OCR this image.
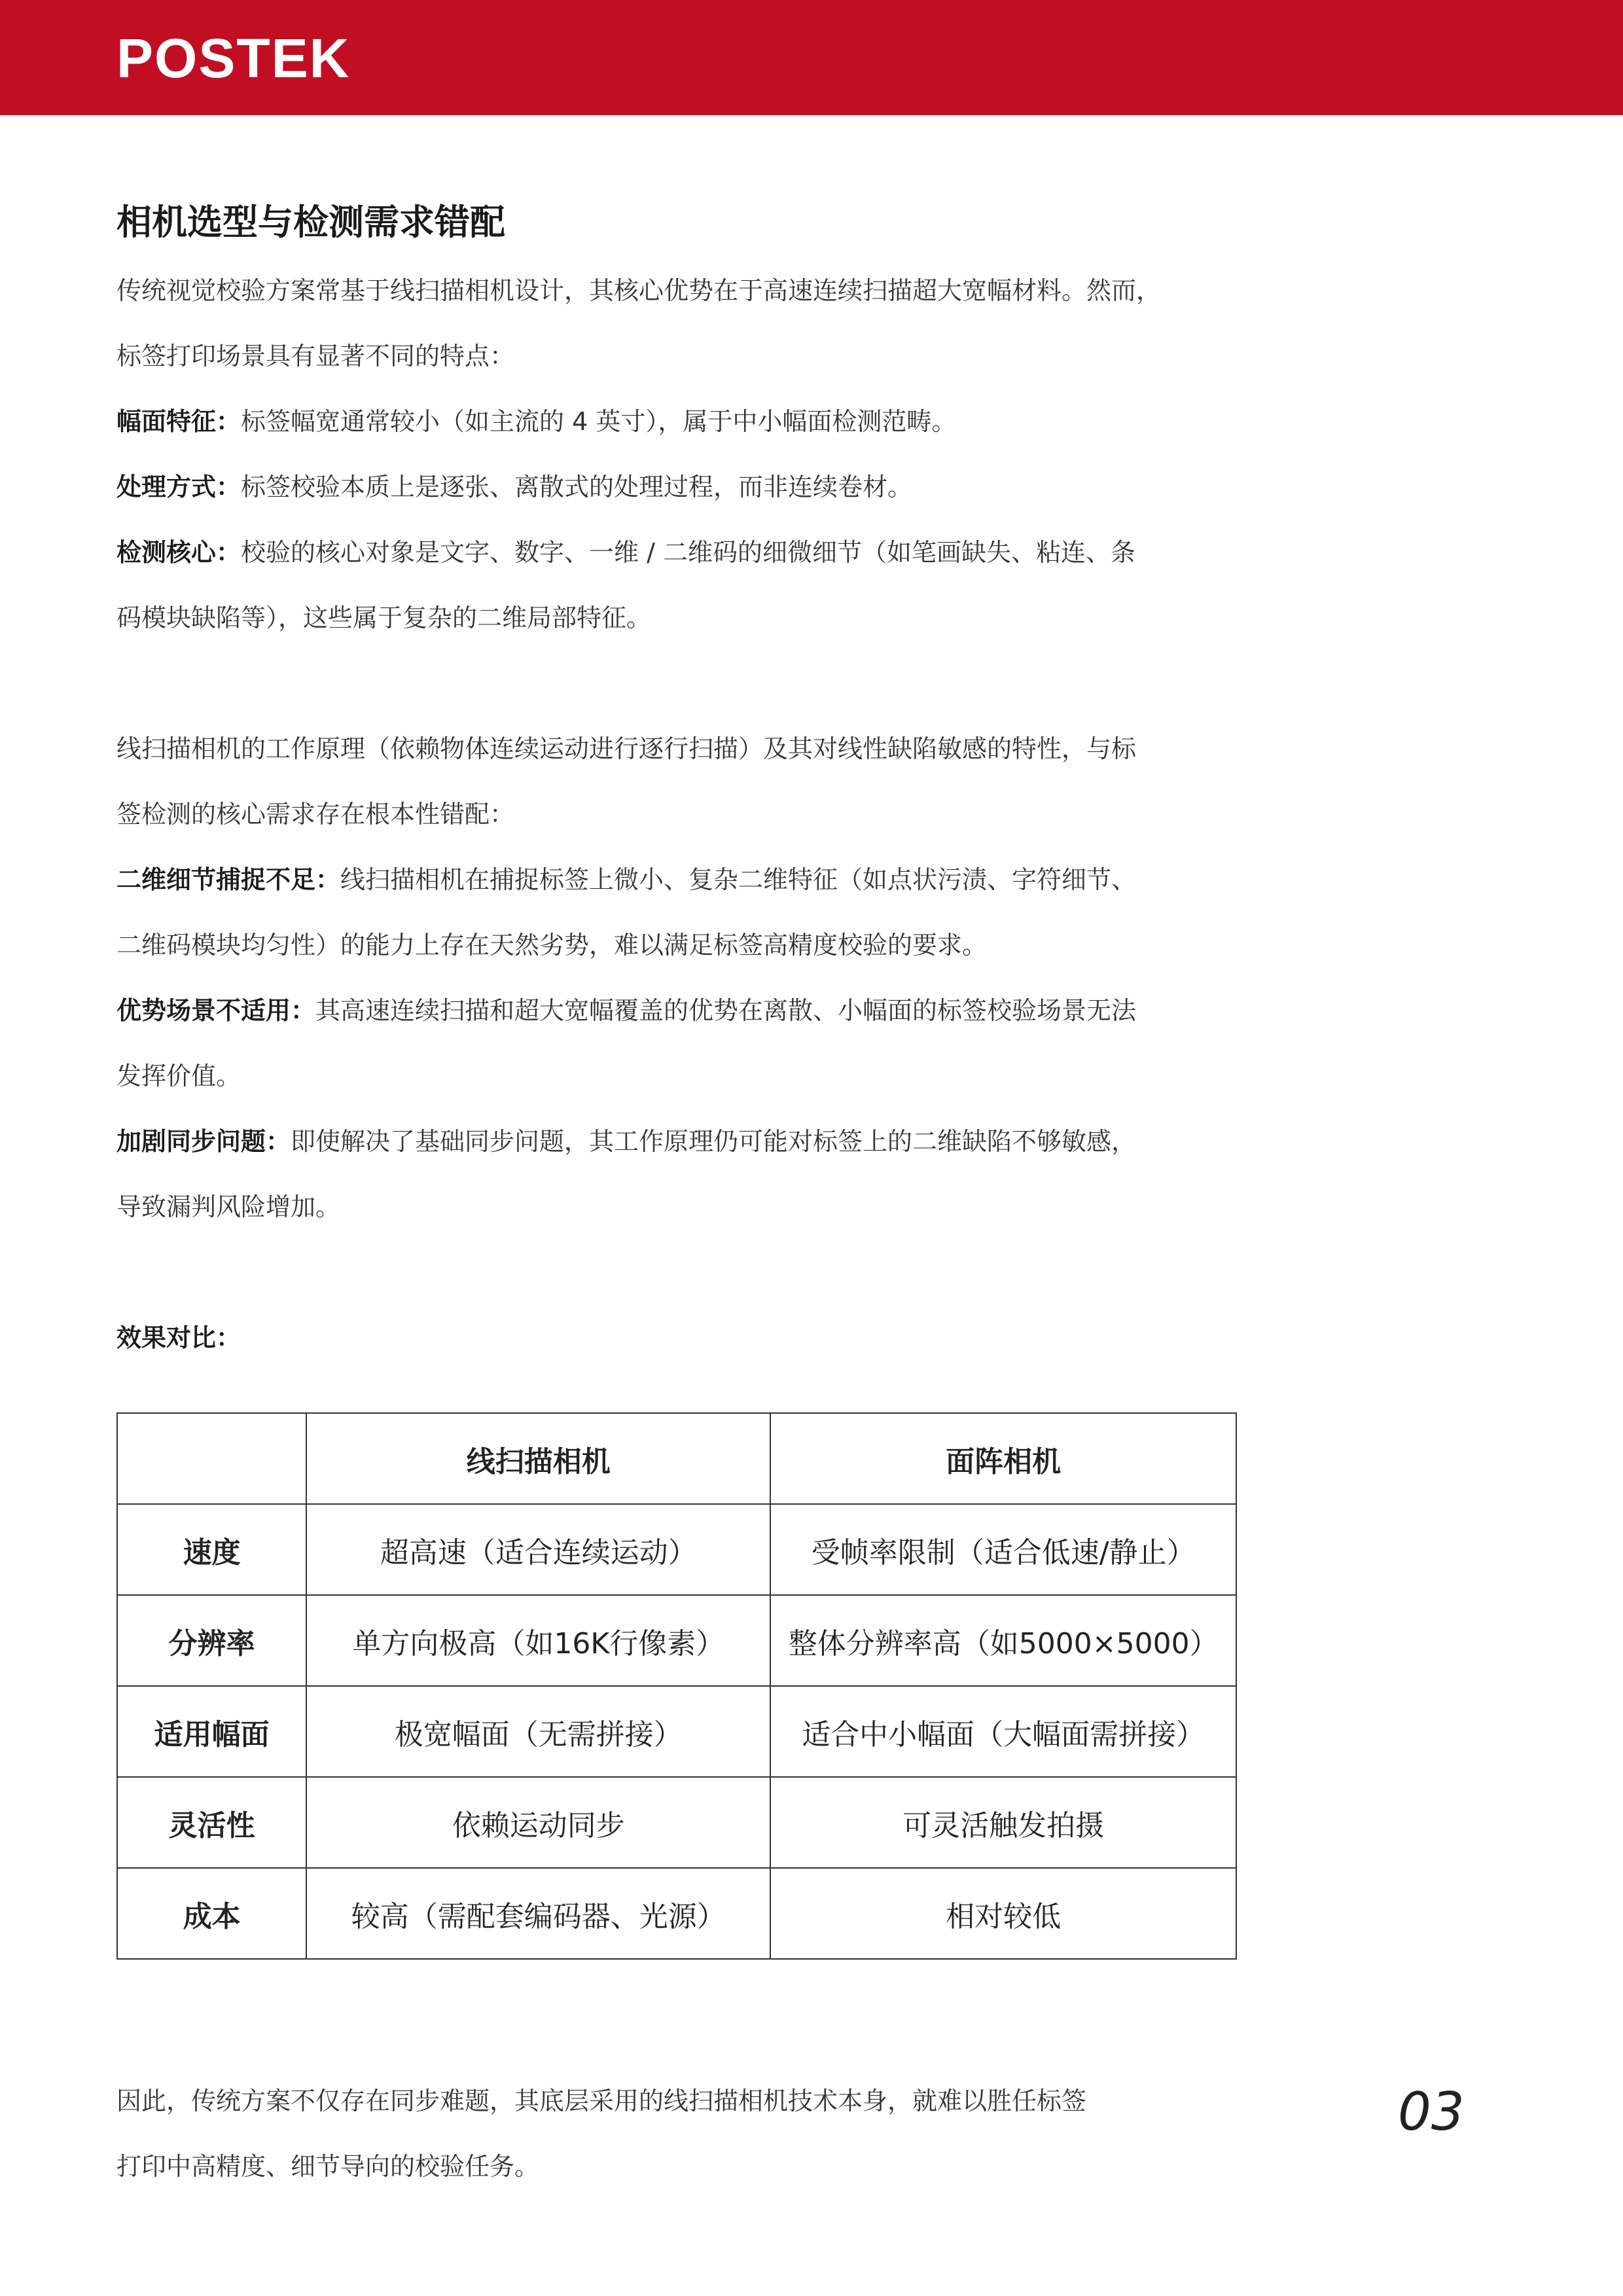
POSTEK
相机选型与检测需求错配

传统视觉校验方案常基于线扫描相机设计，其核心优势在于高速连续扫描超大宽幅材料。然而，

标签打印场景具有显著不同的特点：

幅面特征：标签幅宽通常较小（如主流的 4 英寸），属于中小幅面检测范畴。

处理方式：标签校验本质上是逐张、离散式的处理过程，而非连续卷材。

检测核心：校验的核心对象是文字、数字、一维 / 二维码的细微细节（如笔画缺失、粘连、条

码模块缺陷等），这些属于复杂的二维局部特征。

线扫描相机的工作原理（依赖物体连续运动进行逐行扫描）及其对线性缺陷敏感的特性，与标

签检测的核心需求存在根本性错配：

二维细节捕捉不足：线扫描相机在捕捉标签上微小、复杂二维特征（如点状污渍、字符细节、

二维码模块均匀性）的能力上存在天然劣势，难以满足标签高精度校验的要求。

优势场景不适用：其高速连续扫描和超大宽幅覆盖的优势在离散、小幅面的标签校验场景无法

发挥价值。

加剧同步问题：即使解决了基础同步问题，其工作原理仍可能对标签上的二维缺陷不够敏感，

导致漏判风险增加。

效果对比：

	线扫描相机	面阵相机
速度	超高速（适合连续运动）	受帧率限制（适合低速/静止）
分辨率	单方向极高（如16K行像素）	整体分辨率高（如5000×5000）
适用幅面	极宽幅面（无需拼接）	适合中小幅面（大幅面需拼接）
灵活性	依赖运动同步	可灵活触发拍摄
成本	较高（需配套编码器、光源）	相对较低

因此，传统方案不仅存在同步难题，其底层采用的线扫描相机技术本身，就难以胜任标签

打印中高精度、细节导向的校验任务。

03
